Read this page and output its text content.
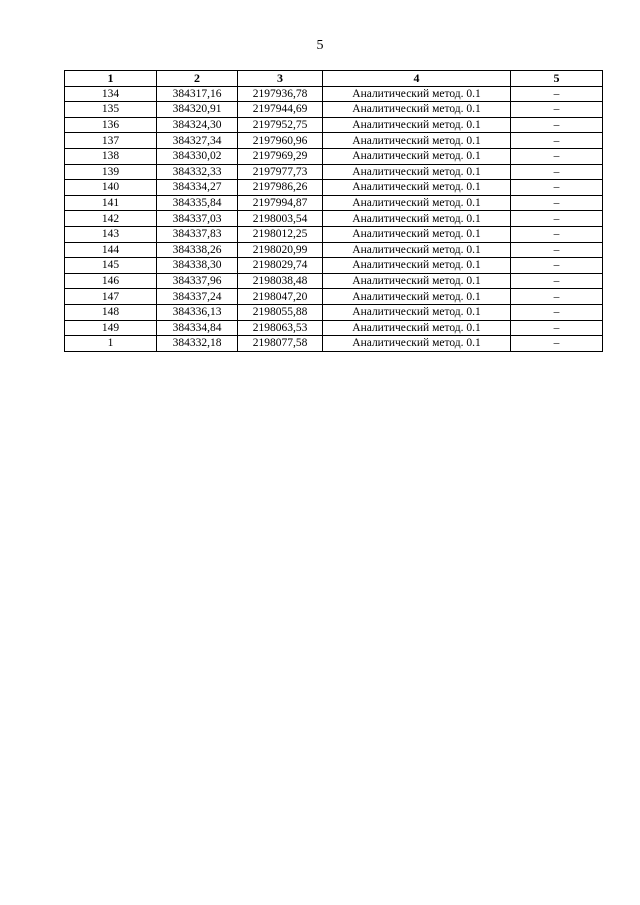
5
1	2	3	4	5
134	384317,16	2197936,78	Аналитический метод. 0.1	–
135	384320,91	2197944,69	Аналитический метод. 0.1	–
136	384324,30	2197952,75	Аналитический метод. 0.1	–
137	384327,34	2197960,96	Аналитический метод. 0.1	–
138	384330,02	2197969,29	Аналитический метод. 0.1	–
139	384332,33	2197977,73	Аналитический метод. 0.1	–
140	384334,27	2197986,26	Аналитический метод. 0.1	–
141	384335,84	2197994,87	Аналитический метод. 0.1	–
142	384337,03	2198003,54	Аналитический метод. 0.1	–
143	384337,83	2198012,25	Аналитический метод. 0.1	–
144	384338,26	2198020,99	Аналитический метод. 0.1	–
145	384338,30	2198029,74	Аналитический метод. 0.1	–
146	384337,96	2198038,48	Аналитический метод. 0.1	–
147	384337,24	2198047,20	Аналитический метод. 0.1	–
148	384336,13	2198055,88	Аналитический метод. 0.1	–
149	384334,84	2198063,53	Аналитический метод. 0.1	–
1	384332,18	2198077,58	Аналитический метод. 0.1	–
